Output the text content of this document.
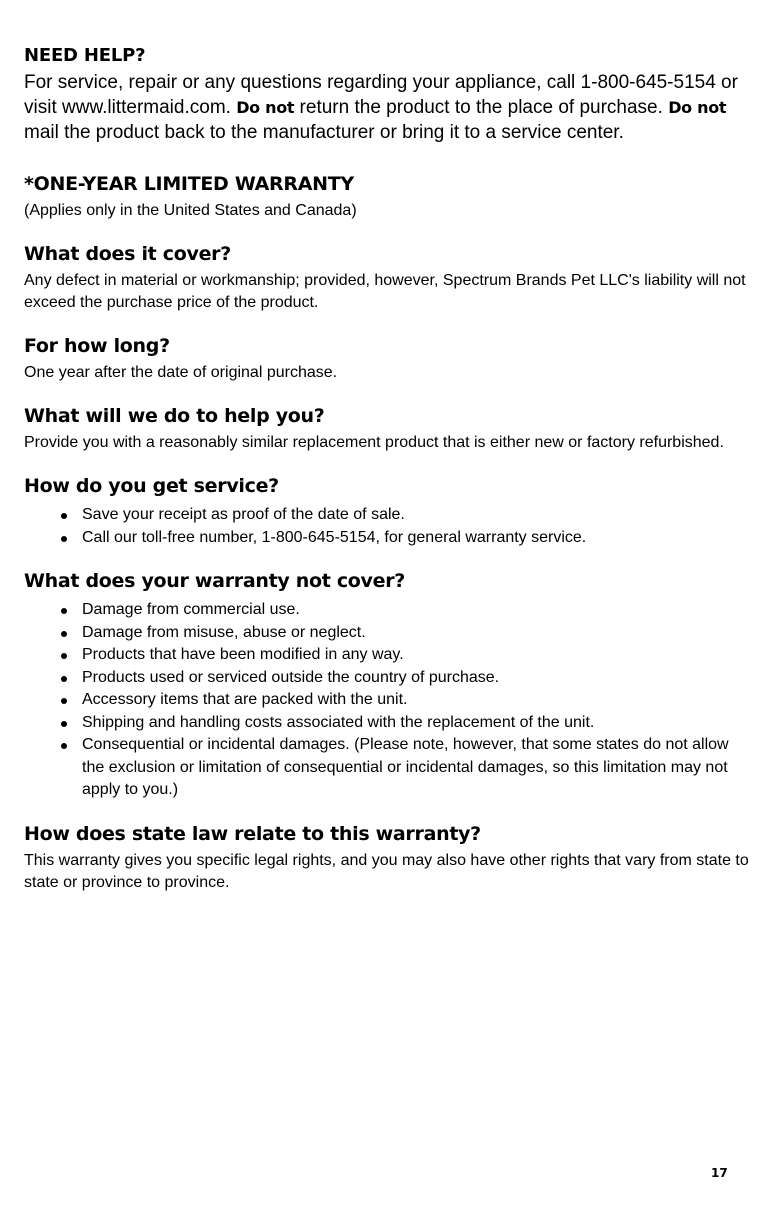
NEED HELP?

For service, repair or any questions regarding your appliance, call 1-800-645-5154 or visit www.littermaid.com. Do not return the product to the place of purchase. Do not mail the product back to the manufacturer or bring it to a service center.

*ONE-YEAR LIMITED WARRANTY

(Applies only in the United States and Canada)

What does it cover?

Any defect in material or workmanship; provided, however, Spectrum Brands Pet LLC's liability will not exceed the purchase price of the product.

For how long?

One year after the date of original purchase.

What will we do to help you?

Provide you with a reasonably similar replacement product that is either new or factory refurbished.

How do you get service?
Save your receipt as proof of the date of sale.
Call our toll-free number, 1-800-645-5154, for general warranty service.
What does your warranty not cover?
Damage from commercial use.
Damage from misuse, abuse or neglect.
Products that have been modified in any way.
Products used or serviced outside the country of purchase.
Accessory items that are packed with the unit.
Shipping and handling costs associated with the replacement of the unit.
Consequential or incidental damages. (Please note, however, that some states do not allow the exclusion or limitation of consequential or incidental damages, so this limitation may not apply to you.)
How does state law relate to this warranty?

This warranty gives you specific legal rights, and you may also have other rights that vary from state to state or province to province.

17
